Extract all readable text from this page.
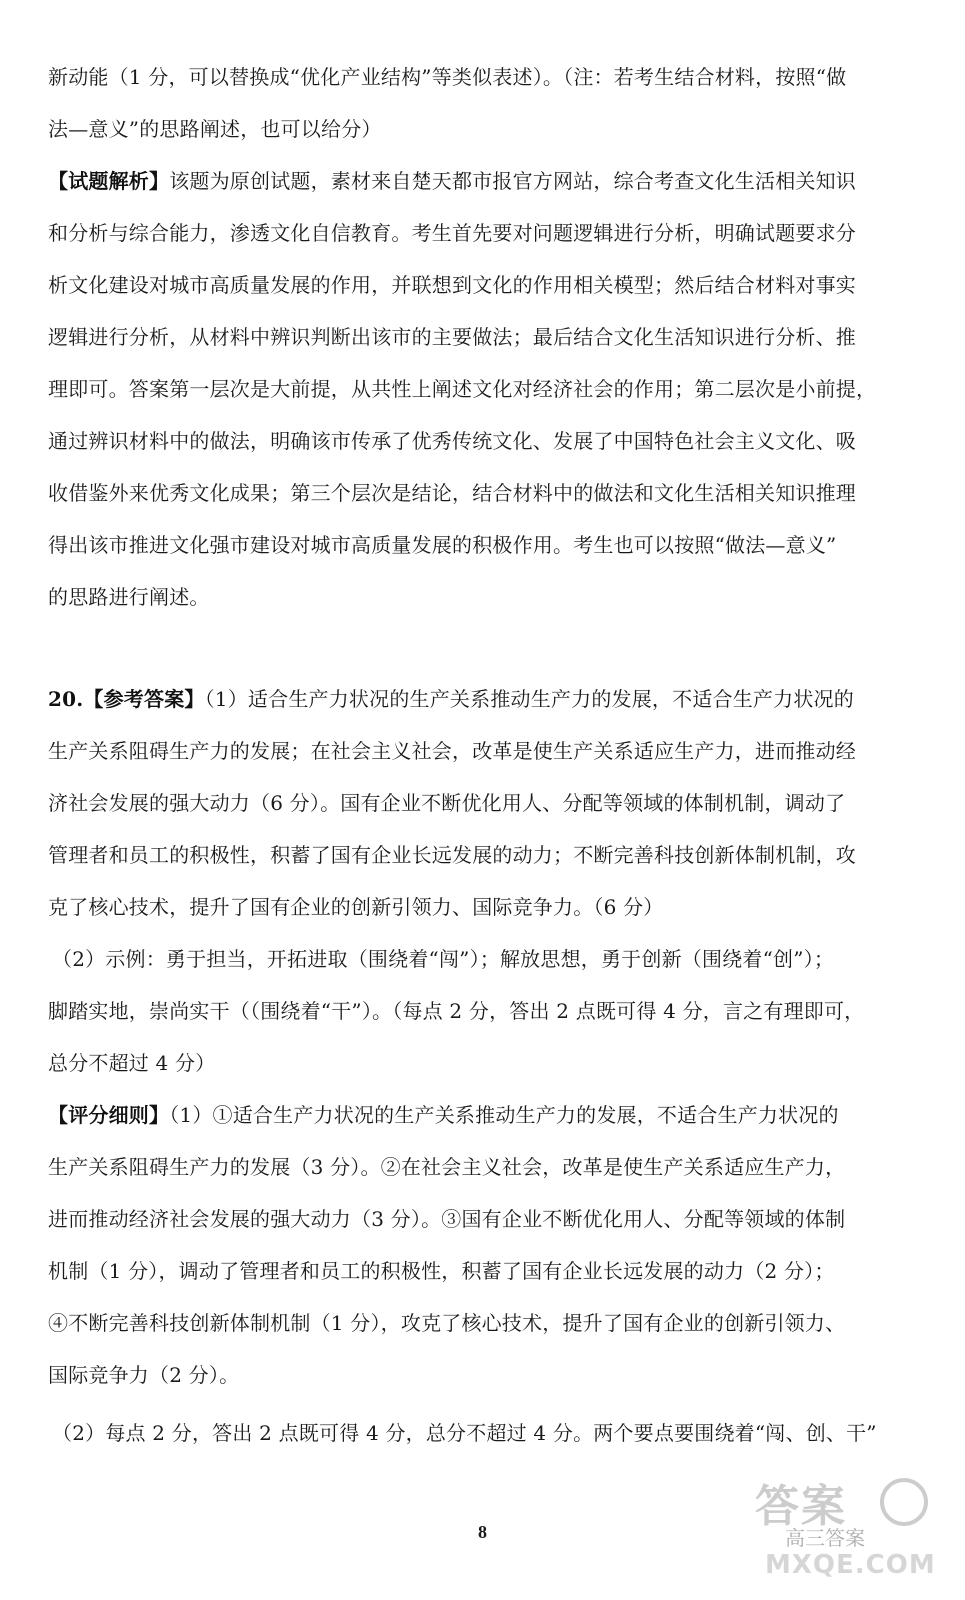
新动能（1 分，可以替换成“优化产业结构”等类似表述）。（注：若考生结合材料，按照“做
法—意义”的思路阐述，也可以给分）
【试题解析】该题为原创试题，素材来自楚天都市报官方网站，综合考查文化生活相关知识
和分析与综合能力，渗透文化自信教育。考生首先要对问题逻辑进行分析，明确试题要求分
析文化建设对城市高质量发展的作用，并联想到文化的作用相关模型；然后结合材料对事实
逻辑进行分析，从材料中辨识判断出该市的主要做法；最后结合文化生活知识进行分析、推
理即可。答案第一层次是大前提，从共性上阐述文化对经济社会的作用；第二层次是小前提，
通过辨识材料中的做法，明确该市传承了优秀传统文化、发展了中国特色社会主义文化、吸
收借鉴外来优秀文化成果；第三个层次是结论，结合材料中的做法和文化生活相关知识推理
得出该市推进文化强市建设对城市高质量发展的积极作用。考生也可以按照“做法—意义”
的思路进行阐述。
20.【参考答案】（1）适合生产力状况的生产关系推动生产力的发展，不适合生产力状况的
生产关系阻碍生产力的发展；在社会主义社会，改革是使生产关系适应生产力，进而推动经
济社会发展的强大动力（6 分）。国有企业不断优化用人、分配等领域的体制机制，调动了
管理者和员工的积极性，积蓄了国有企业长远发展的动力；不断完善科技创新体制机制，攻
克了核心技术，提升了国有企业的创新引领力、国际竞争力。（6 分）
（2）示例：勇于担当，开拓进取（围绕着“闯”）；解放思想，勇于创新（围绕着“创”）；
脚踏实地，崇尚实干（（围绕着“干”）。（每点 2 分，答出 2 点既可得 4 分，言之有理即可，
总分不超过 4 分）
【评分细则】（1）①适合生产力状况的生产关系推动生产力的发展，不适合生产力状况的
生产关系阻碍生产力的发展（3 分）。②在社会主义社会，改革是使生产关系适应生产力，
进而推动经济社会发展的强大动力（3 分）。③国有企业不断优化用人、分配等领域的体制
机制（1 分），调动了管理者和员工的积极性，积蓄了国有企业长远发展的动力（2 分）；
④不断完善科技创新体制机制（1 分），攻克了核心技术，提升了国有企业的创新引领力、
国际竞争力（2 分）。
（2）每点 2 分，答出 2 点既可得 4 分，总分不超过 4 分。两个要点要围绕着“闯、创、干”
8	答案
高三答案
MXQE.COM
